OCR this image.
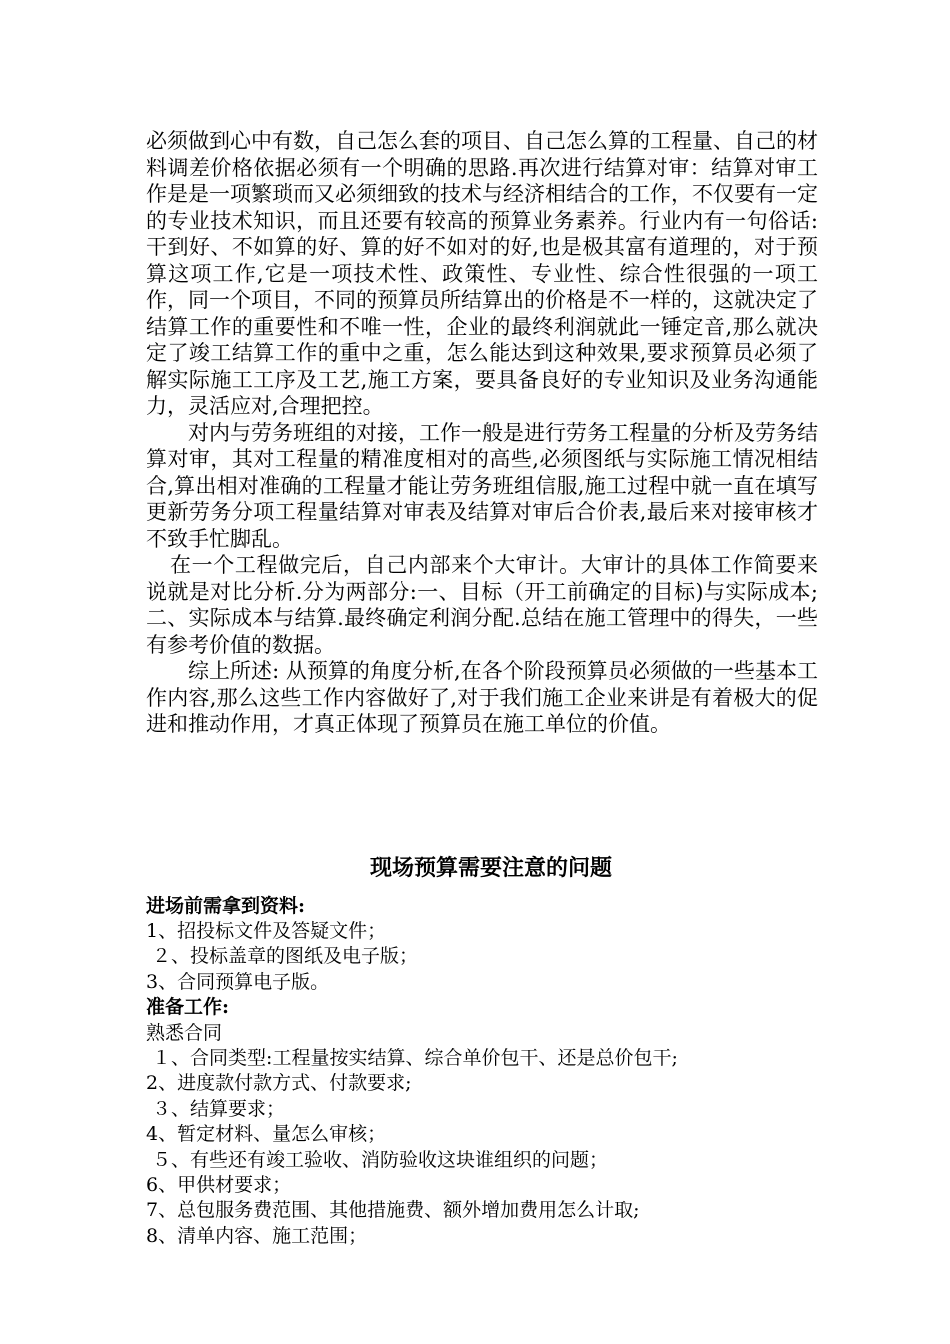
必须做到心中有数，自己怎么套的项目、自己怎么算的工程量、自己的材料调差价格依据必须有一个明确的思路.再次进行结算对审：结算对审工作是是一项繁琐而又必须细致的技术与经济相结合的工作，不仅要有一定的专业技术知识，而且还要有较高的预算业务素养。行业内有一句俗话:干到好、不如算的好、算的好不如对的好,也是极其富有道理的，对于预算这项工作,它是一项技术性、政策性、专业性、综合性很强的一项工作，同一个项目，不同的预算员所结算出的价格是不一样的，这就决定了结算工作的重要性和不唯一性，企业的最终利润就此一锤定音,那么就决定了竣工结算工作的重中之重，怎么能达到这种效果,要求预算员必须了解实际施工工序及工艺,施工方案，要具备良好的专业知识及业务沟通能力，灵活应对,合理把控。

对内与劳务班组的对接，工作一般是进行劳务工程量的分析及劳务结算对审，其对工程量的精准度相对的高些,必须图纸与实际施工情况相结合,算出相对准确的工程量才能让劳务班组信服,施工过程中就一直在填写更新劳务分项工程量结算对审表及结算对审后合价表,最后来对接审核才不致手忙脚乱。

在一个工程做完后，自己内部来个大审计。大审计的具体工作简要来说就是对比分析.分为两部分:一、目标（开工前确定的目标)与实际成本;二、实际成本与结算.最终确定利润分配.总结在施工管理中的得失，一些有参考价值的数据。

综上所述: 从预算的角度分析,在各个阶段预算员必须做的一些基本工作内容,那么这些工作内容做好了,对于我们施工企业来讲是有着极大的促进和推动作用，才真正体现了预算员在施工单位的价值。

现场预算需要注意的问题

进场前需拿到资料:

1、招投标文件及答疑文件；

２、投标盖章的图纸及电子版；

3、合同预算电子版。

准备工作:

熟悉合同

１、合同类型:工程量按实结算、综合单价包干、还是总价包干;

2、进度款付款方式、付款要求;

３、结算要求；

4、暂定材料、量怎么审核；

５、有些还有竣工验收、消防验收这块谁组织的问题；

6、甲供材要求；

7、总包服务费范围、其他措施费、额外增加费用怎么计取;

8、清单内容、施工范围；
